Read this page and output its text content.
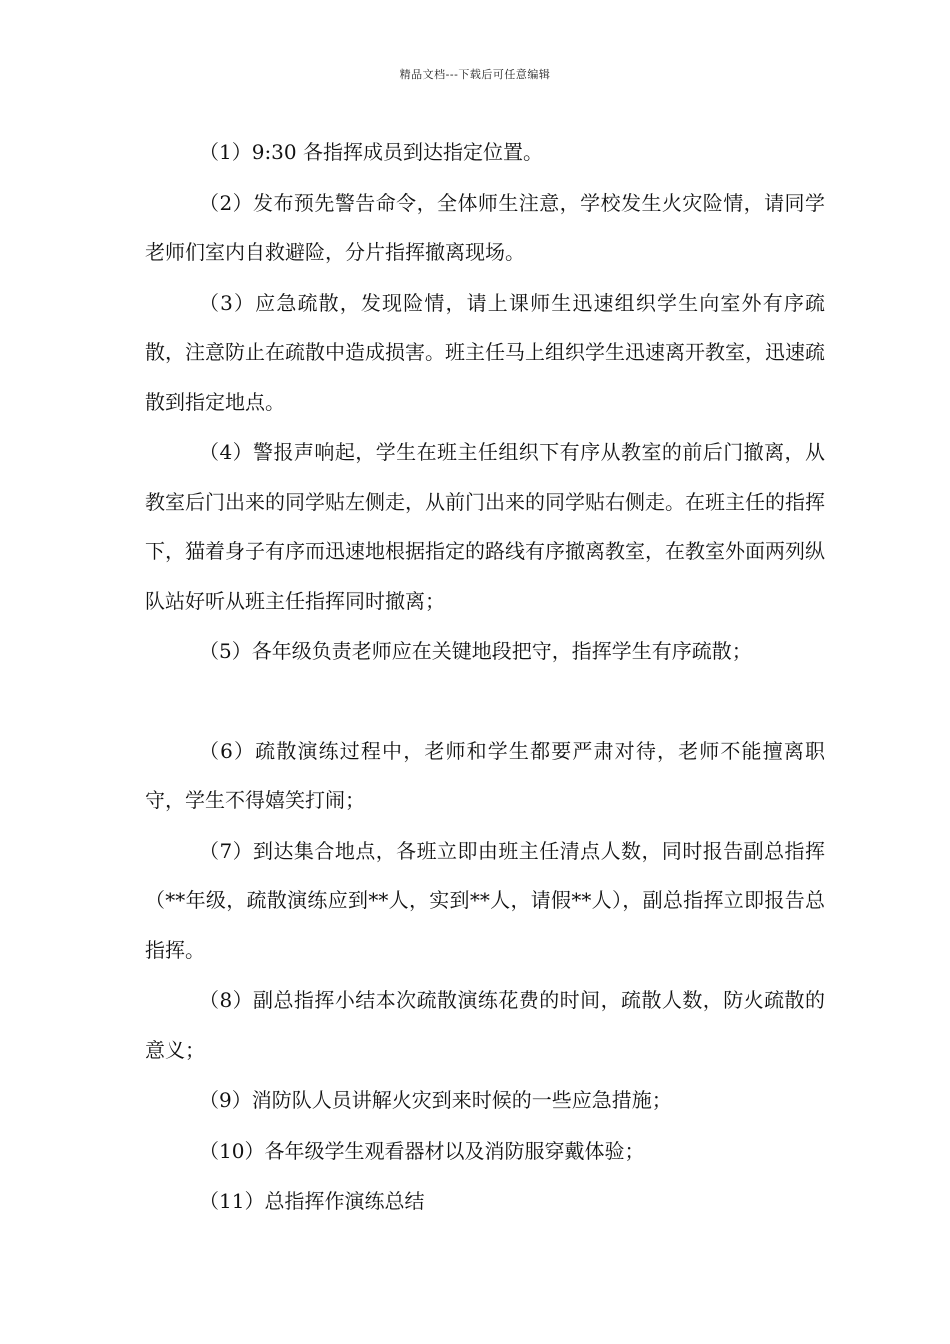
精品文档---下载后可任意编辑

（1）9:30 各指挥成员到达指定位置。

（2）发布预先警告命令，全体师生注意，学校发生火灾险情，请同学老师们室内自救避险，分片指挥撤离现场。

（3）应急疏散，发现险情，请上课师生迅速组织学生向室外有序疏散，注意防止在疏散中造成损害。班主任马上组织学生迅速离开教室，迅速疏散到指定地点。

（4）警报声响起，学生在班主任组织下有序从教室的前后门撤离，从教室后门出来的同学贴左侧走，从前门出来的同学贴右侧走。在班主任的指挥下，猫着身子有序而迅速地根据指定的路线有序撤离教室，在教室外面两列纵队站好听从班主任指挥同时撤离；

（5）各年级负责老师应在关键地段把守，指挥学生有序疏散；

（6）疏散演练过程中，老师和学生都要严肃对待，老师不能擅离职守，学生不得嬉笑打闹；

（7）到达集合地点，各班立即由班主任清点人数，同时报告副总指挥（**年级，疏散演练应到**人，实到**人，请假**人），副总指挥立即报告总指挥。

（8）副总指挥小结本次疏散演练花费的时间，疏散人数，防火疏散的意义；

（9）消防队人员讲解火灾到来时候的一些应急措施；

（10）各年级学生观看器材以及消防服穿戴体验；

（11）总指挥作演练总结
